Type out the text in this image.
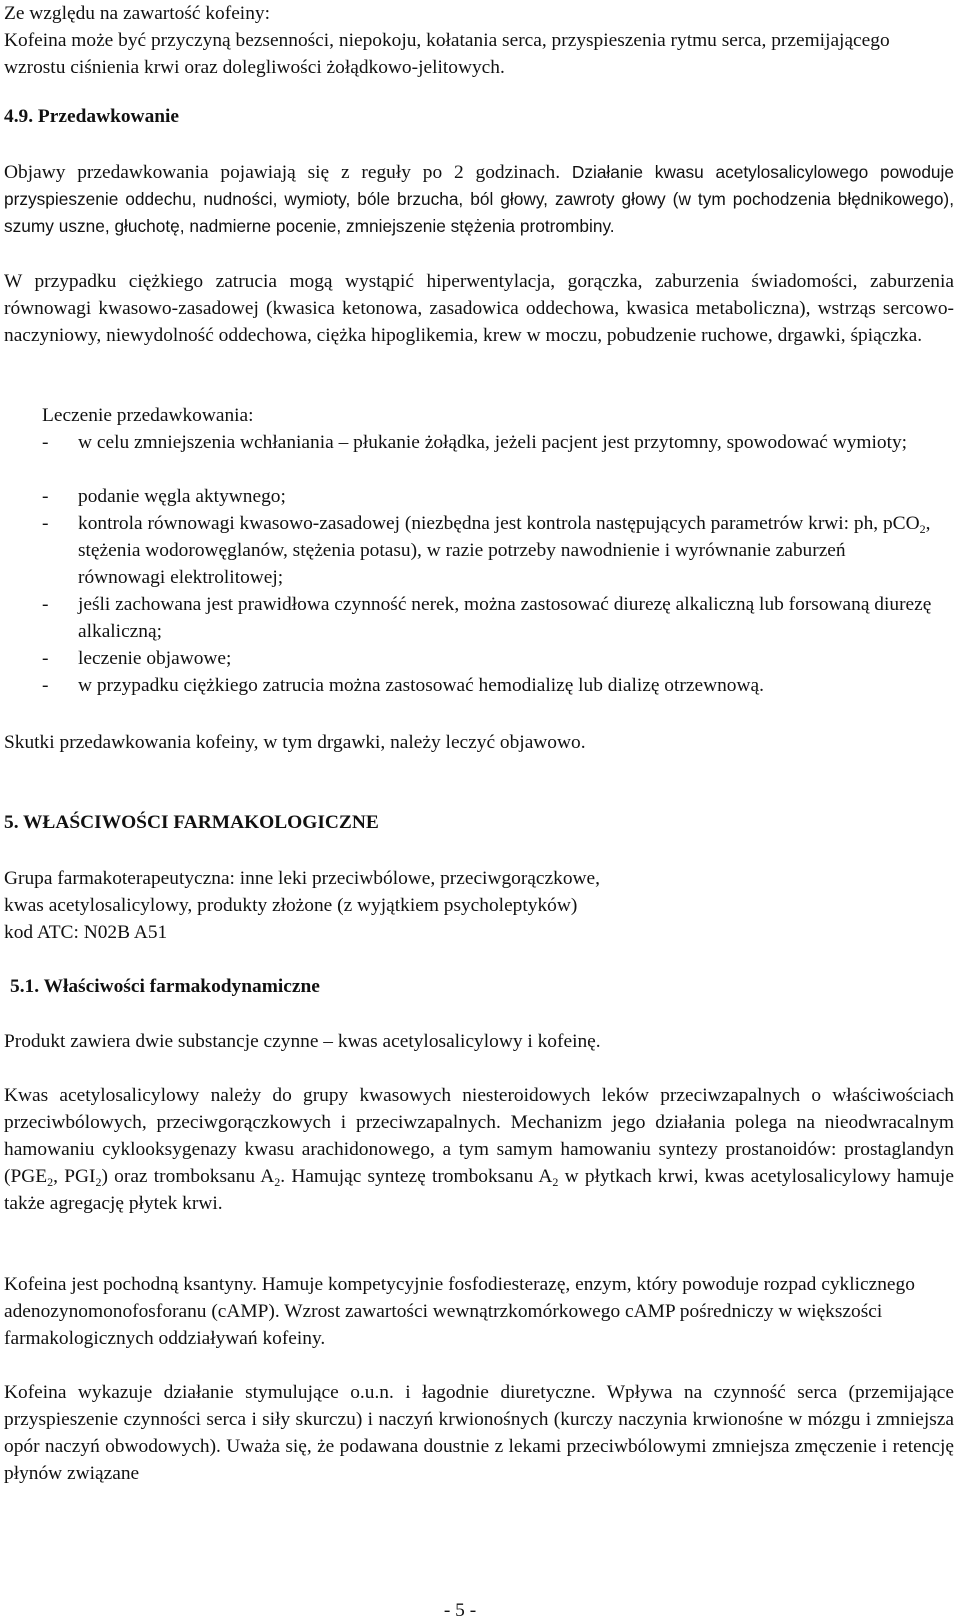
Ze względu na zawartość kofeiny:

Kofeina może być przyczyną bezsenności, niepokoju, kołatania serca, przyspieszenia rytmu serca, przemijającego wzrostu ciśnienia krwi oraz dolegliwości żołądkowo-jelitowych.

4.9. Przedawkowanie

Objawy przedawkowania pojawiają się z reguły po 2 godzinach. Działanie kwasu acetylosalicylowego powoduje przyspieszenie oddechu, nudności, wymioty, bóle brzucha, ból głowy, zawroty głowy (w tym pochodzenia błędnikowego), szumy uszne, głuchotę, nadmierne pocenie, zmniejszenie stężenia protrombiny.

W przypadku ciężkiego zatrucia mogą wystąpić hiperwentylacja, gorączka, zaburzenia świadomości, zaburzenia równowagi kwasowo-zasadowej (kwasica ketonowa, zasadowica oddechowa, kwasica metaboliczna), wstrząs sercowo-naczyniowy, niewydolność oddechowa, ciężka hipoglikemia, krew w moczu, pobudzenie ruchowe, drgawki, śpiączka.

Leczenie przedawkowania:

- w celu zmniejszenia wchłaniania – płukanie żołądka, jeżeli pacjent jest przytomny, spowodować wymioty;
- podanie węgla aktywnego;
- kontrola równowagi kwasowo-zasadowej (niezbędna jest kontrola następujących parametrów krwi: ph, pCO$_2$, stężenia wodorowęglanów, stężenia potasu), w razie potrzeby nawodnienie i wyrównanie zaburzeń równowagi elektrolitowej;
- jeśli zachowana jest prawidłowa czynność nerek, można zastosować diurezę alkaliczną lub forsowaną diurezę alkaliczną;
- leczenie objawowe;
- w przypadku ciężkiego zatrucia można zastosować hemodializę lub dializę otrzewnową.

Skutki przedawkowania kofeiny, w tym drgawki, należy leczyć objawowo.

5. WŁAŚCIWOŚCI FARMAKOLOGICZNE

Grupa farmakoterapeutyczna: inne leki przeciwbólowe, przeciwgorączkowe,

kwas acetylosalicylowy, produkty złożone (z wyjątkiem psycholeptyków)

kod ATC: N02B A51

5.1. Właściwości farmakodynamiczne

Produkt zawiera dwie substancje czynne – kwas acetylosalicylowy i kofeinę.

Kwas acetylosalicylowy należy do grupy kwasowych niesteroidowych leków przeciwzapalnych o właściwościach przeciwbólowych, przeciwgorączkowych i przeciwzapalnych. Mechanizm jego działania polega na nieodwracalnym hamowaniu cyklooksygenazy kwasu arachidonowego, a tym samym hamowaniu syntezy prostanoidów: prostaglandyn ($PGE_2$, $PGI_2$) oraz tromboksanu $A_2$. Hamując syntezę tromboksanu $A_2$ w płytkach krwi, kwas acetylosalicylowy hamuje także agregację płytek krwi.

Kofeina jest pochodną ksantyny. Hamuje kompetycyjnie fosfodiesterazę, enzym, który powoduje rozpad cyklicznego adenozynomonofosforanu (cAMP). Wzrost zawartości wewnątrzkomórkowego cAMP pośredniczy w większości farmakologicznych oddziaływań kofeiny.

Kofeina wykazuje działanie stymulujące o.u.n. i łagodnie diuretyczne. Wpływa na czynność serca (przemijające przyspieszenie czynności serca i siły skurczu) i naczyń krwionośnych (kurczy naczynia krwionośne w mózgu i zmniejsza opór naczyń obwodowych). Uważa się, że podawana doustnie z lekami przeciwbólowymi zmniejsza zmęczenie i retencję płynów związane

- 5 -
